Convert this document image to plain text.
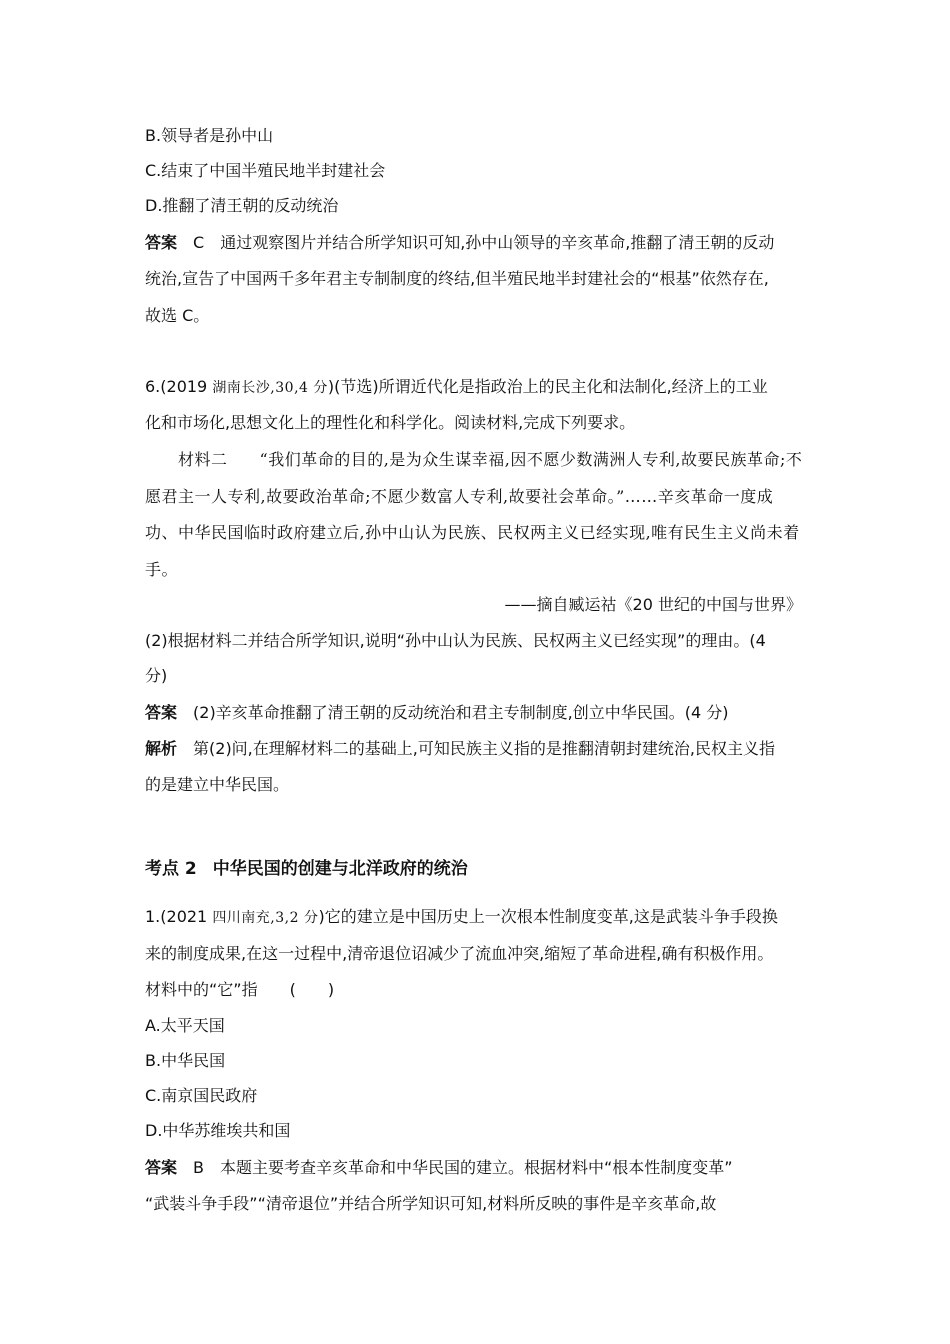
B.领导者是孙中山
C.结束了中国半殖民地半封建社会
D.推翻了清王朝的反动统治
答案 C 通过观察图片并结合所学知识可知,孙中山领导的辛亥革命,推翻了清王朝的反动
统治,宣告了中国两千多年君主专制制度的终结,但半殖民地半封建社会的“根基”依然存在,
故选 C。
6.(2019 湖南长沙,30,4 分)(节选)所谓近代化是指政治上的民主化和法制化,经济上的工业
化和市场化,思想文化上的理性化和科学化。阅读材料,完成下列要求。
材料二 “我们革命的目的,是为众生谋幸福,因不愿少数满洲人专利,故要民族革命;不
愿君主一人专利,故要政治革命;不愿少数富人专利,故要社会革命。”……辛亥革命一度成
功、中华民国临时政府建立后,孙中山认为民族、民权两主义已经实现,唯有民生主义尚未着
手。
——摘自臧运祜《20 世纪的中国与世界》
(2)根据材料二并结合所学知识,说明“孙中山认为民族、民权两主义已经实现”的理由。(4
分)
答案 (2)辛亥革命推翻了清王朝的反动统治和君主专制制度,创立中华民国。(4 分)
解析 第(2)问,在理解材料二的基础上,可知民族主义指的是推翻清朝封建统治,民权主义指
的是建立中华民国。
考点 2 中华民国的创建与北洋政府的统治
1.(2021 四川南充,3,2 分)它的建立是中国历史上一次根本性制度变革,这是武装斗争手段换
来的制度成果,在这一过程中,清帝退位诏减少了流血冲突,缩短了革命进程,确有积极作用。
材料中的“它”指 (　　)
A.太平天国
B.中华民国
C.南京国民政府
D.中华苏维埃共和国
答案 B 本题主要考查辛亥革命和中华民国的建立。根据材料中“根本性制度变革”
“武装斗争手段”“清帝退位”并结合所学知识可知,材料所反映的事件是辛亥革命,故
